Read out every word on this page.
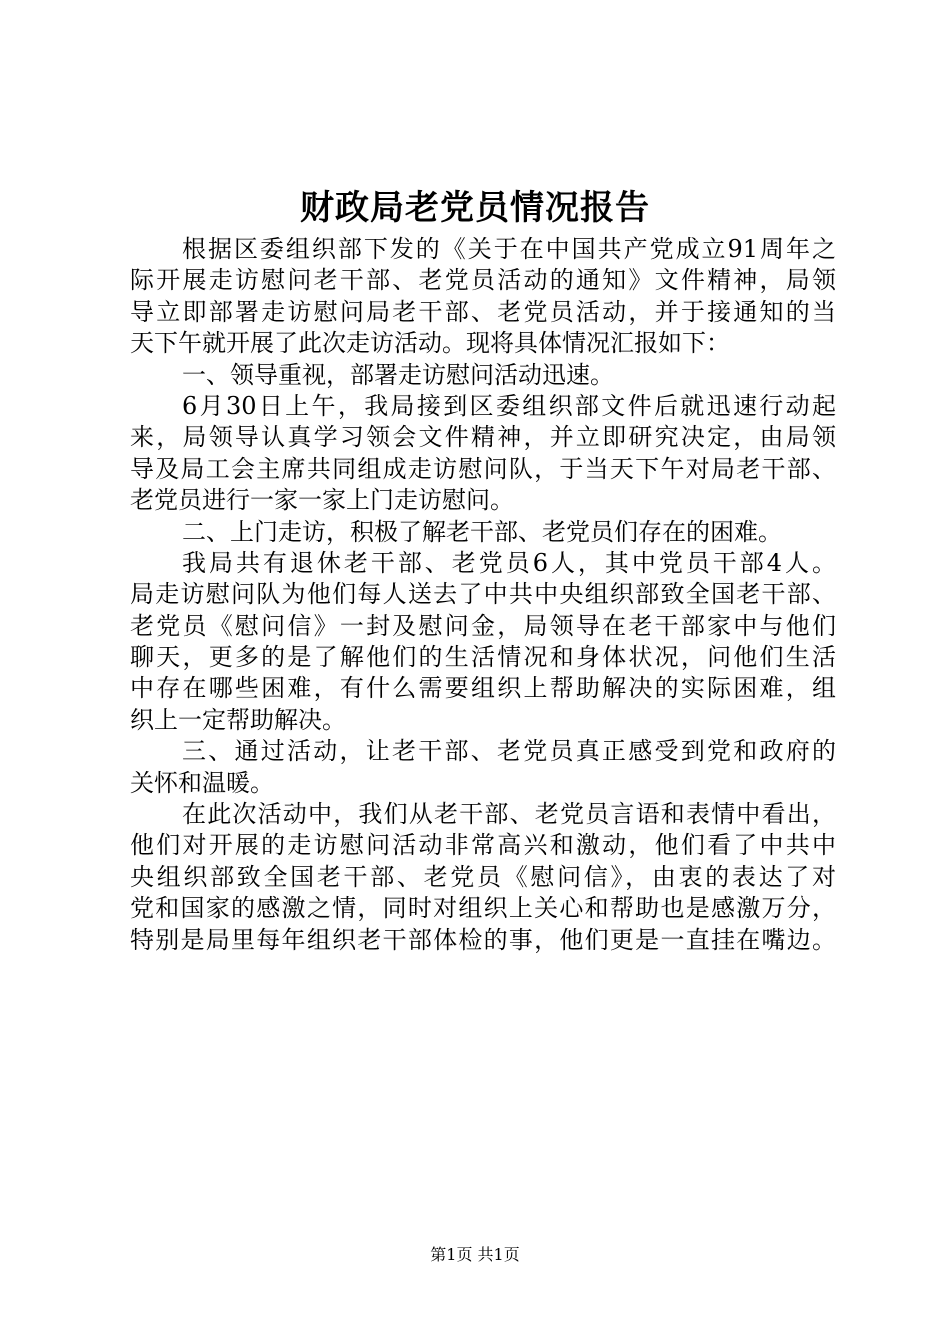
财政局老党员情况报告
根据区委组织部下发的《关于在中国共产党成立91周年之
际开展走访慰问老干部、老党员活动的通知》文件精神，局领
导立即部署走访慰问局老干部、老党员活动，并于接通知的当
天下午就开展了此次走访活动。现将具体情况汇报如下：
一、领导重视，部署走访慰问活动迅速。
6月30日上午，我局接到区委组织部文件后就迅速行动起
来，局领导认真学习领会文件精神，并立即研究决定，由局领
导及局工会主席共同组成走访慰问队，于当天下午对局老干部、
老党员进行一家一家上门走访慰问。
二、上门走访，积极了解老干部、老党员们存在的困难。
我局共有退休老干部、老党员6人，其中党员干部4人。
局走访慰问队为他们每人送去了中共中央组织部致全国老干部、
老党员《慰问信》一封及慰问金，局领导在老干部家中与他们
聊天，更多的是了解他们的生活情况和身体状况，问他们生活
中存在哪些困难，有什么需要组织上帮助解决的实际困难，组
织上一定帮助解决。
三、通过活动，让老干部、老党员真正感受到党和政府的
关怀和温暖。
在此次活动中，我们从老干部、老党员言语和表情中看出，
他们对开展的走访慰问活动非常高兴和激动，他们看了中共中
央组织部致全国老干部、老党员《慰问信》，由衷的表达了对
党和国家的感激之情，同时对组织上关心和帮助也是感激万分，
特别是局里每年组织老干部体检的事，他们更是一直挂在嘴边。
第1页 共1页
